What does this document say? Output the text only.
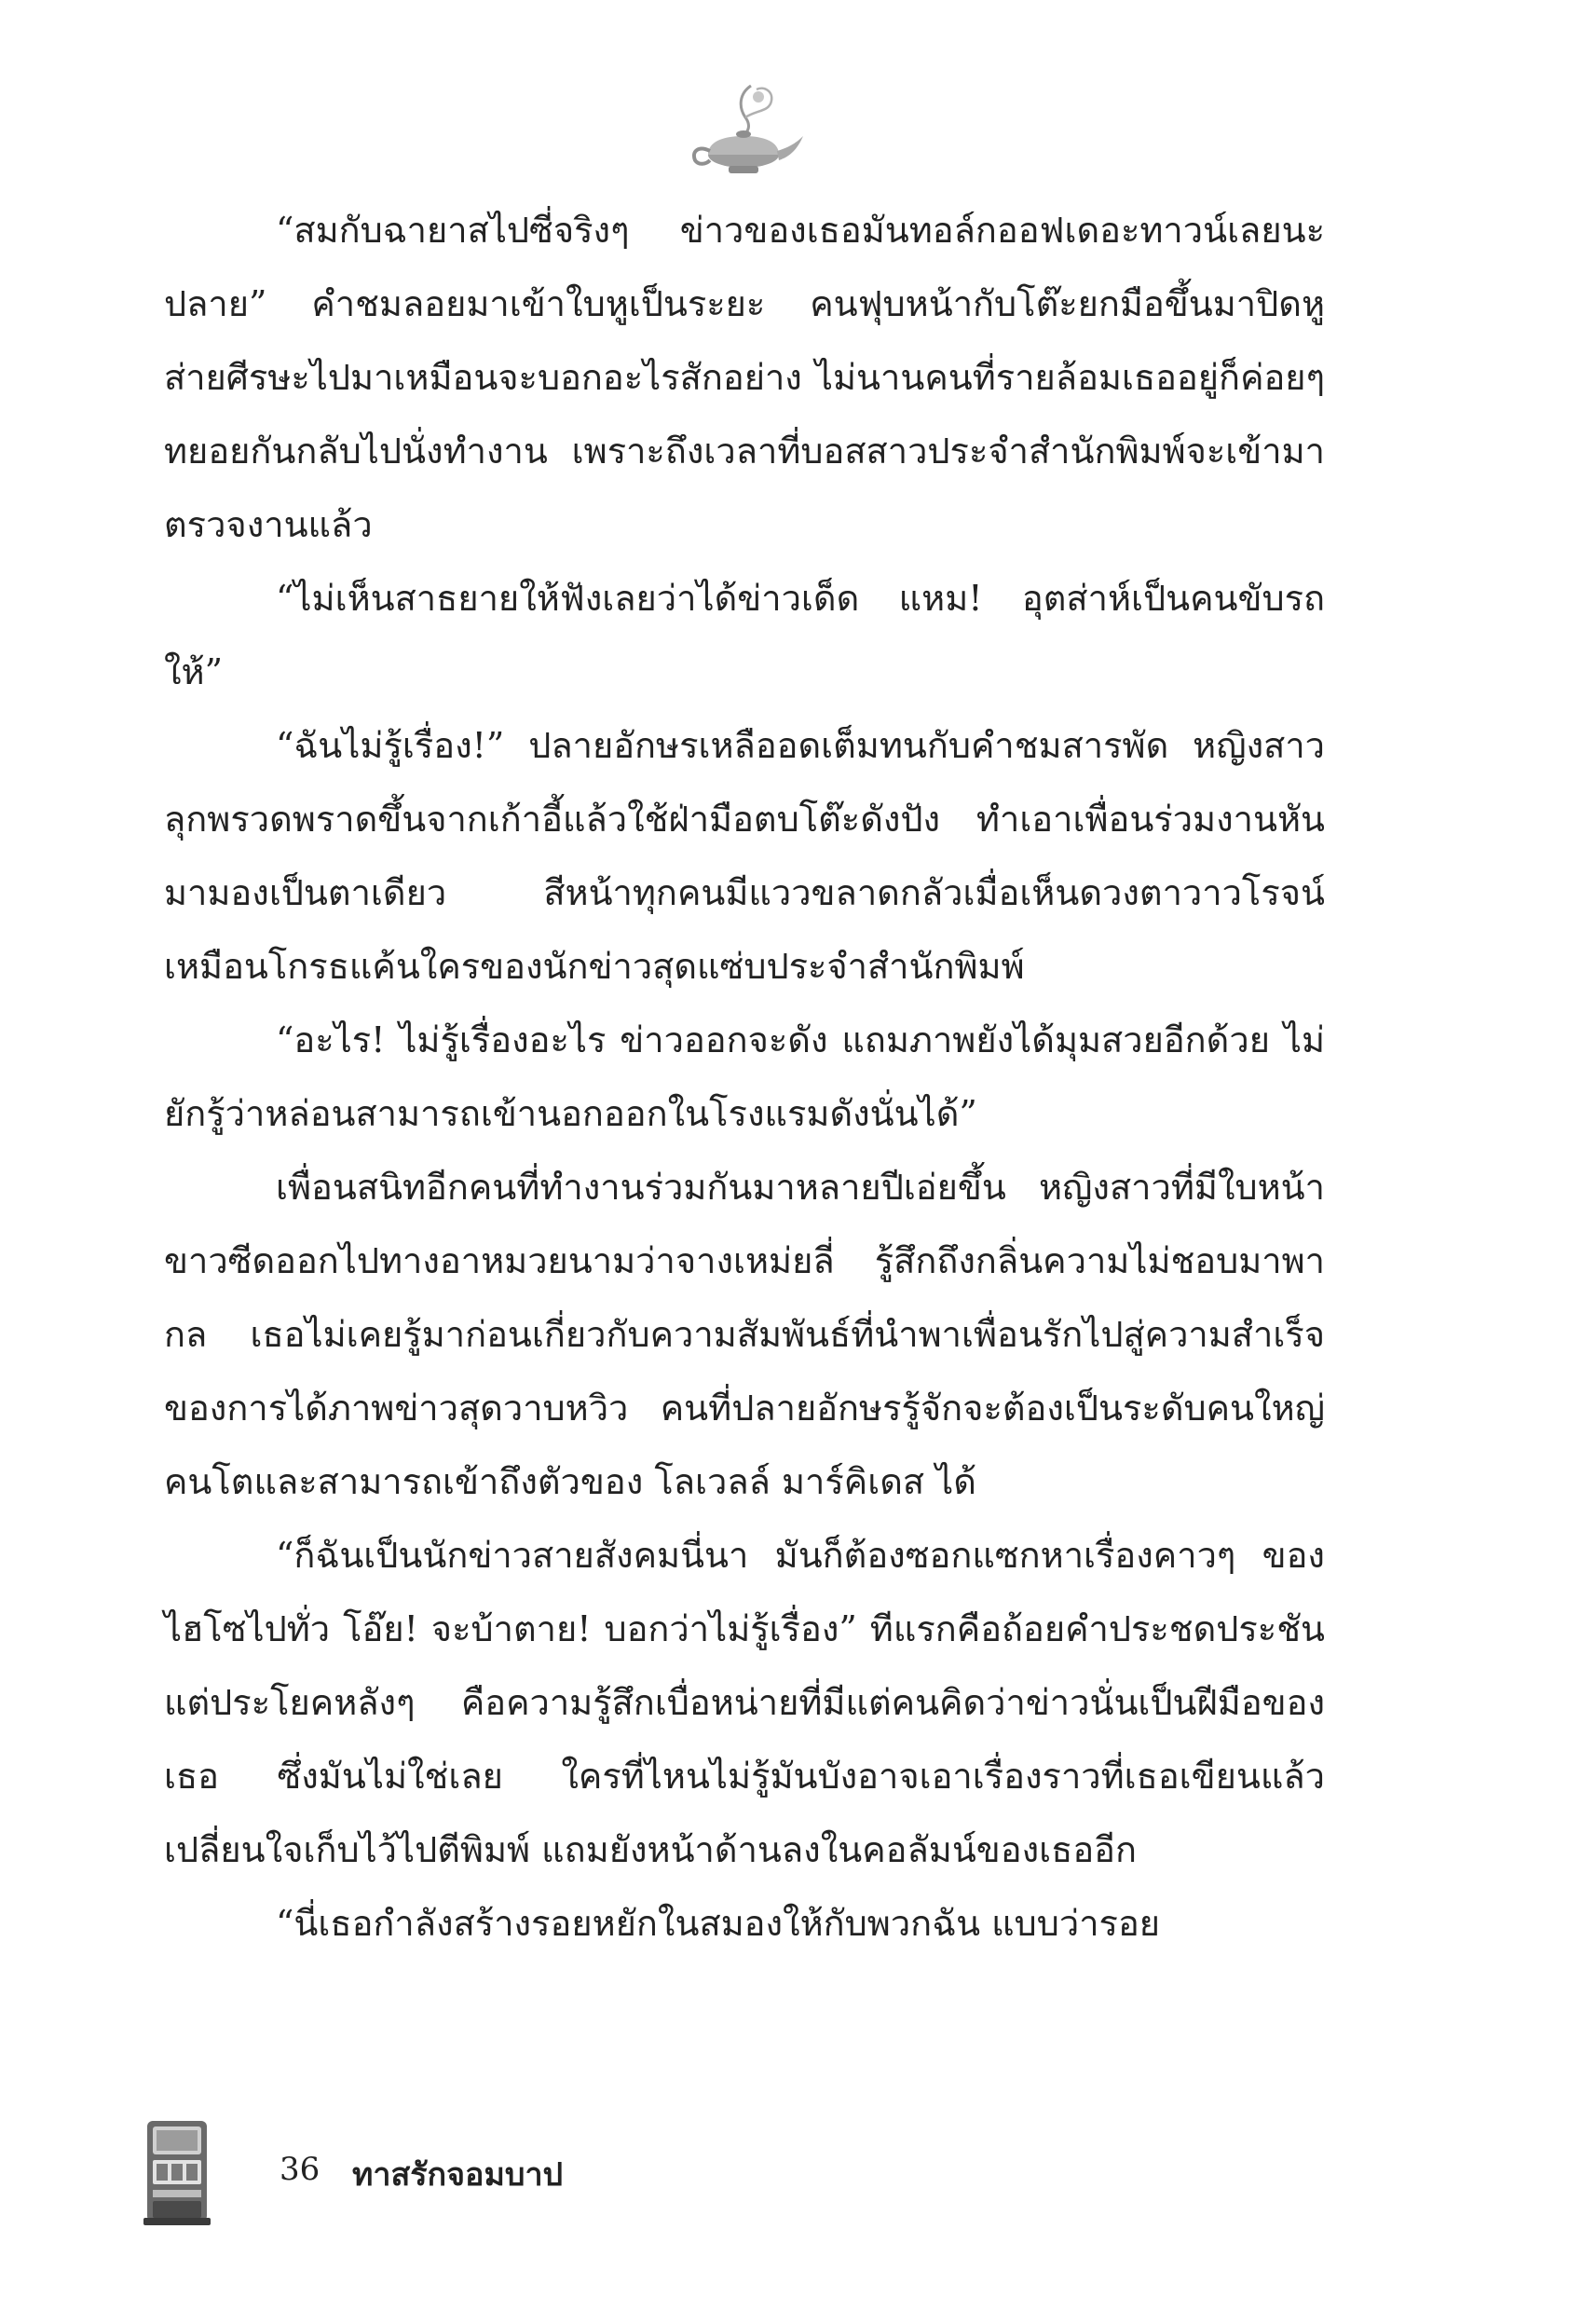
“สมกับฉายาสไปซี่จริงๆ ข่าวของเธอมันทอล์กออฟเดอะทาวน์เลยนะปลาย” คำชมลอยมาเข้าใบหูเป็นระยะ คนฟุบหน้ากับโต๊ะยกมือขึ้นมาปิดหู ส่ายศีรษะไปมาเหมือนจะบอกอะไรสักอย่าง ไม่นานคนที่รายล้อมเธออยู่ก็ค่อยๆ ทยอยกันกลับไปนั่งทำงาน เพราะถึงเวลาที่บอสสาวประจำสำนักพิมพ์จะเข้ามาตรวจงานแล้ว

“ไม่เห็นสาธยายให้ฟังเลยว่าได้ข่าวเด็ด แหม! อุตส่าห์เป็นคนขับรถให้”

“ฉันไม่รู้เรื่อง!” ปลายอักษรเหลืออดเต็มทนกับคำชมสารพัด หญิงสาวลุกพรวดพราดขึ้นจากเก้าอี้แล้วใช้ฝ่ามือตบโต๊ะดังปัง ทำเอาเพื่อนร่วมงานหันมามองเป็นตาเดียว สีหน้าทุกคนมีแววขลาดกลัวเมื่อเห็นดวงตาวาวโรจน์เหมือนโกรธแค้นใครของนักข่าวสุดแซ่บประจำสำนักพิมพ์

“อะไร! ไม่รู้เรื่องอะไร ข่าวออกจะดัง แถมภาพยังได้มุมสวยอีกด้วย ไม่ยักรู้ว่าหล่อนสามารถเข้านอกออกในโรงแรมดังนั่นได้”

เพื่อนสนิทอีกคนที่ทำงานร่วมกันมาหลายปีเอ่ยขึ้น หญิงสาวที่มีใบหน้าขาวซีดออกไปทางอาหมวยนามว่าจางเหม่ยลี่ รู้สึกถึงกลิ่นความไม่ชอบมาพากล เธอไม่เคยรู้มาก่อนเกี่ยวกับความสัมพันธ์ที่นำพาเพื่อนรักไปสู่ความสำเร็จของการได้ภาพข่าวสุดวาบหวิว คนที่ปลายอักษรรู้จักจะต้องเป็นระดับคนใหญ่คนโตและสามารถเข้าถึงตัวของ โลเวลล์ มาร์คิเดส ได้

“ก็ฉันเป็นนักข่าวสายสังคมนี่นา มันก็ต้องซอกแซกหาเรื่องคาวๆ ของไฮโซไปทั่ว โอ๊ย! จะบ้าตาย! บอกว่าไม่รู้เรื่อง” ทีแรกคือถ้อยคำประชดประชัน แต่ประโยคหลังๆ คือความรู้สึกเบื่อหน่ายที่มีแต่คนคิดว่าข่าวนั่นเป็นฝีมือของเธอ ซึ่งมันไม่ใช่เลย ใครที่ไหนไม่รู้มันบังอาจเอาเรื่องราวที่เธอเขียนแล้วเปลี่ยนใจเก็บไว้ไปตีพิมพ์ แถมยังหน้าด้านลงในคอลัมน์ของเธออีก

“นี่เธอกำลังสร้างรอยหยักในสมองให้กับพวกฉัน แบบว่ารอย

36 ทาสรักจอมบาป
